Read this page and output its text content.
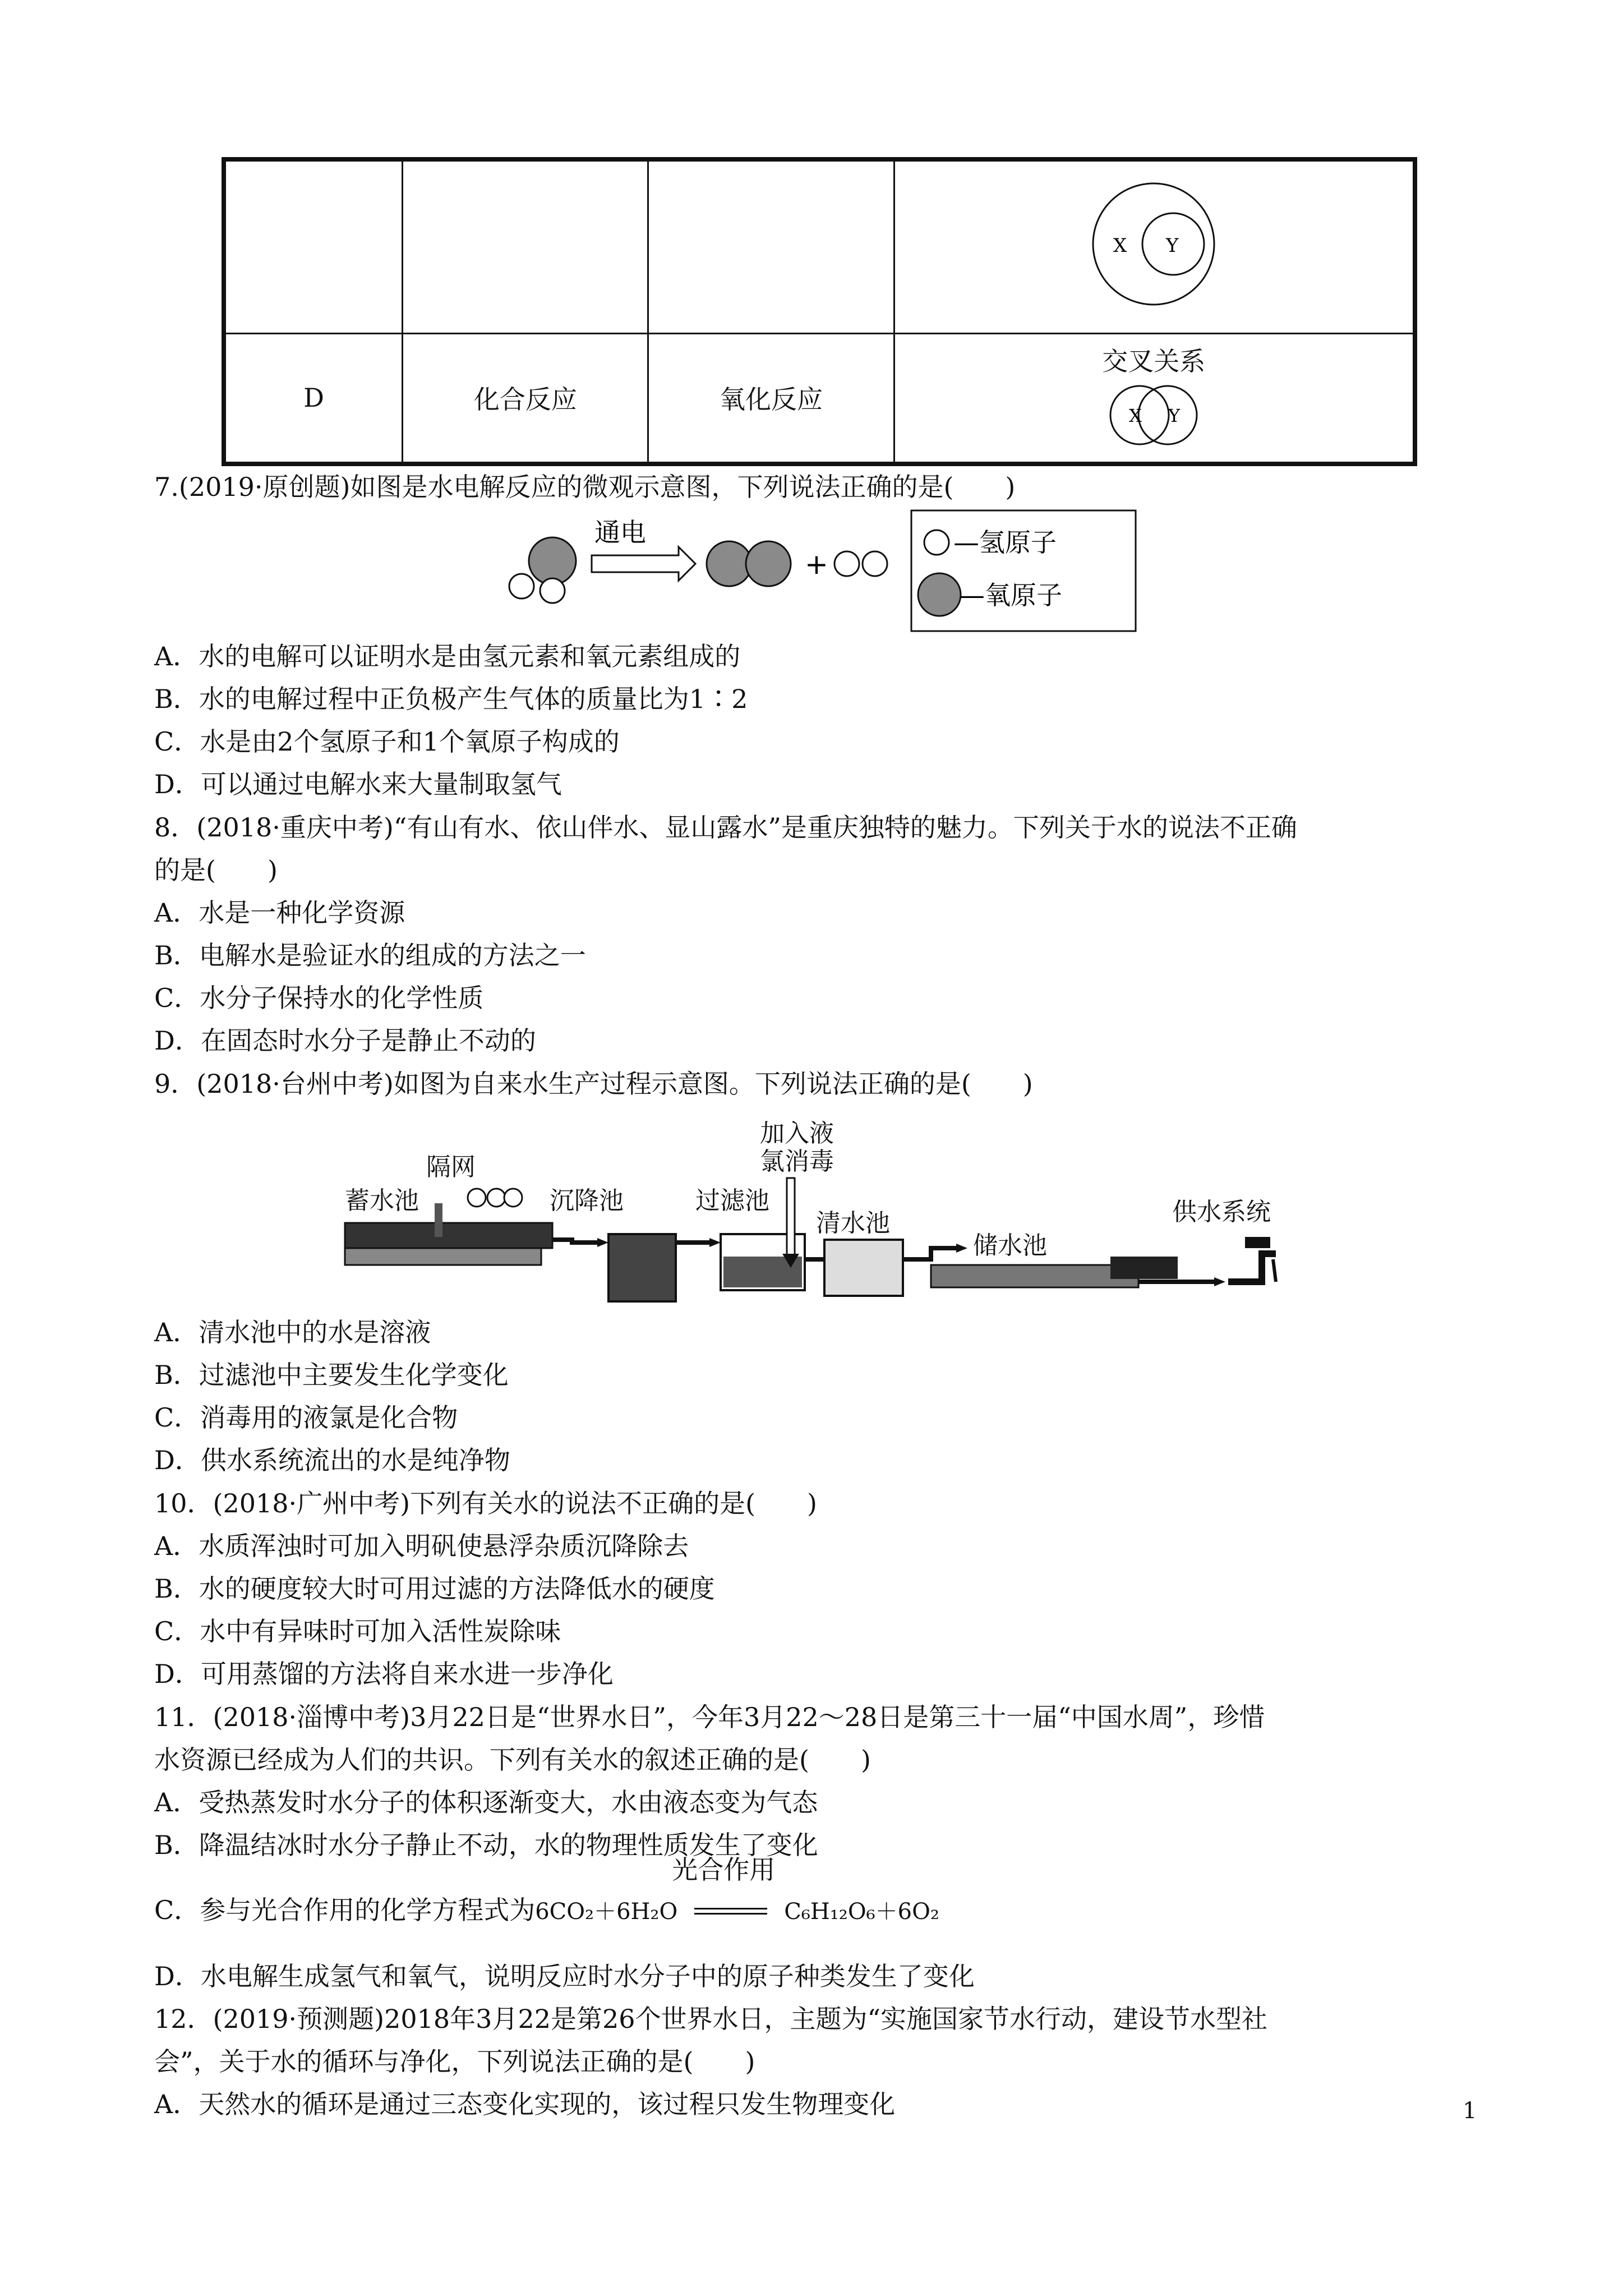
X Y

D	化合反应	氧化反应	交叉关系
X Y
7.(2019·原创题)如图是水电解反应的微观示意图，下列说法正确的是(　　)
通电
+
—氢原子
—氧原子
A．水的电解可以证明水是由氢元素和氧元素组成的
B．水的电解过程中正负极产生气体的质量比为1∶2
C．水是由2个氢原子和1个氧原子构成的
D．可以通过电解水来大量制取氢气
8．(2018·重庆中考)“有山有水、依山伴水、显山露水”是重庆独特的魅力。下列关于水的说法不正确
的是(　　)
A．水是一种化学资源
B．电解水是验证水的组成的方法之一
C．水分子保持水的化学性质
D．在固态时水分子是静止不动的
9．(2018·台州中考)如图为自来水生产过程示意图。下列说法正确的是(　　)
蓄水池
隔网
沉降池	过滤池
加入液
氯消毒
清水池
储水池
供水系统
A．清水池中的水是溶液
B．过滤池中主要发生化学变化
C．消毒用的液氯是化合物
D．供水系统流出的水是纯净物
10．(2018·广州中考)下列有关水的说法不正确的是(　　)
A．水质浑浊时可加入明矾使悬浮杂质沉降除去
B．水的硬度较大时可用过滤的方法降低水的硬度
C．水中有异味时可加入活性炭除味
D．可用蒸馏的方法将自来水进一步净化
11．(2018·淄博中考)3月22日是“世界水日”，今年3月22～28日是第三十一届“中国水周”，珍惜
水资源已经成为人们的共识。下列有关水的叙述正确的是(　　)
A．受热蒸发时水分子的体积逐渐变大，水由液态变为气态
B．降温结冰时水分子静止不动，水的物理性质发生了变化
C．参与光合作用的化学方程式为6CO₂＋6H₂O
光合作用
C₆H₁₂O₆＋6O₂
D．水电解生成氢气和氧气，说明反应时水分子中的原子种类发生了变化
12．(2019·预测题)2018年3月22是第26个世界水日，主题为“实施国家节水行动，建设节水型社
会”，关于水的循环与净化，下列说法正确的是(　　)
A．天然水的循环是通过三态变化实现的，该过程只发生物理变化	1
